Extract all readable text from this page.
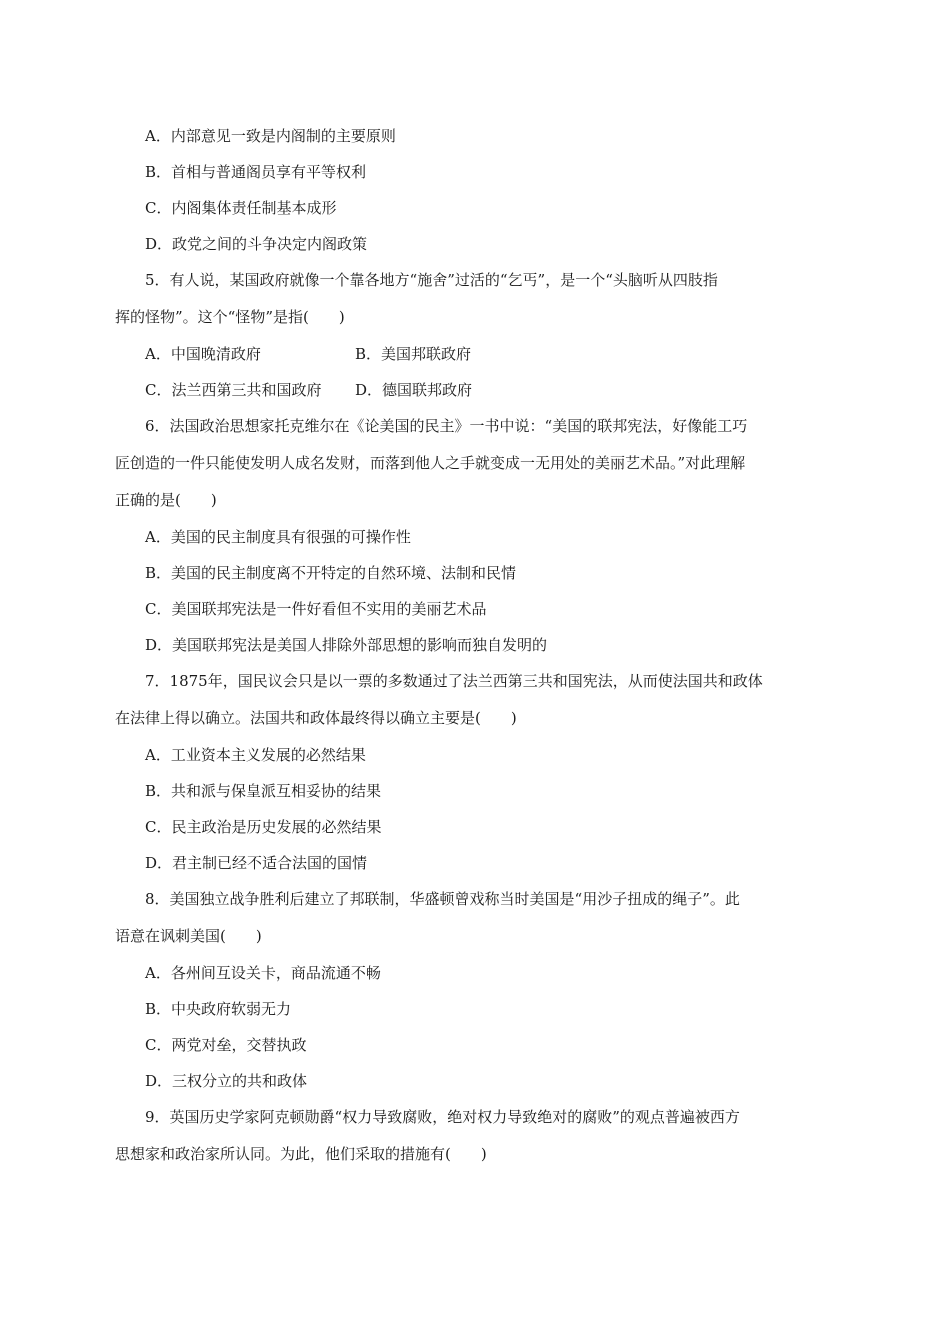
A．内部意见一致是内阁制的主要原则
B．首相与普通阁员享有平等权利
C．内阁集体责任制基本成形
D．政党之间的斗争决定内阁政策
5．有人说，某国政府就像一个靠各地方“施舍”过活的“乞丐”，是一个“头脑听从四肢指
挥的怪物”。这个“怪物”是指(　　)
A．中国晚清政府	B．美国邦联政府
C．法兰西第三共和国政府	D．德国联邦政府
6．法国政治思想家托克维尔在《论美国的民主》一书中说：“美国的联邦宪法，好像能工巧
匠创造的一件只能使发明人成名发财，而落到他人之手就变成一无用处的美丽艺术品。”对此理解
正确的是(　　)
A．美国的民主制度具有很强的可操作性
B．美国的民主制度离不开特定的自然环境、法制和民情
C．美国联邦宪法是一件好看但不实用的美丽艺术品
D．美国联邦宪法是美国人排除外部思想的影响而独自发明的
7．1875年，国民议会只是以一票的多数通过了法兰西第三共和国宪法，从而使法国共和政体
在法律上得以确立。法国共和政体最终得以确立主要是(　　)
A．工业资本主义发展的必然结果
B．共和派与保皇派互相妥协的结果
C．民主政治是历史发展的必然结果
D．君主制已经不适合法国的国情
8．美国独立战争胜利后建立了邦联制，华盛顿曾戏称当时美国是“用沙子扭成的绳子”。此
语意在讽刺美国(　　)
A．各州间互设关卡，商品流通不畅
B．中央政府软弱无力
C．两党对垒，交替执政
D．三权分立的共和政体
9．英国历史学家阿克顿勋爵“权力导致腐败，绝对权力导致绝对的腐败”的观点普遍被西方
思想家和政治家所认同。为此，他们采取的措施有(　　)
